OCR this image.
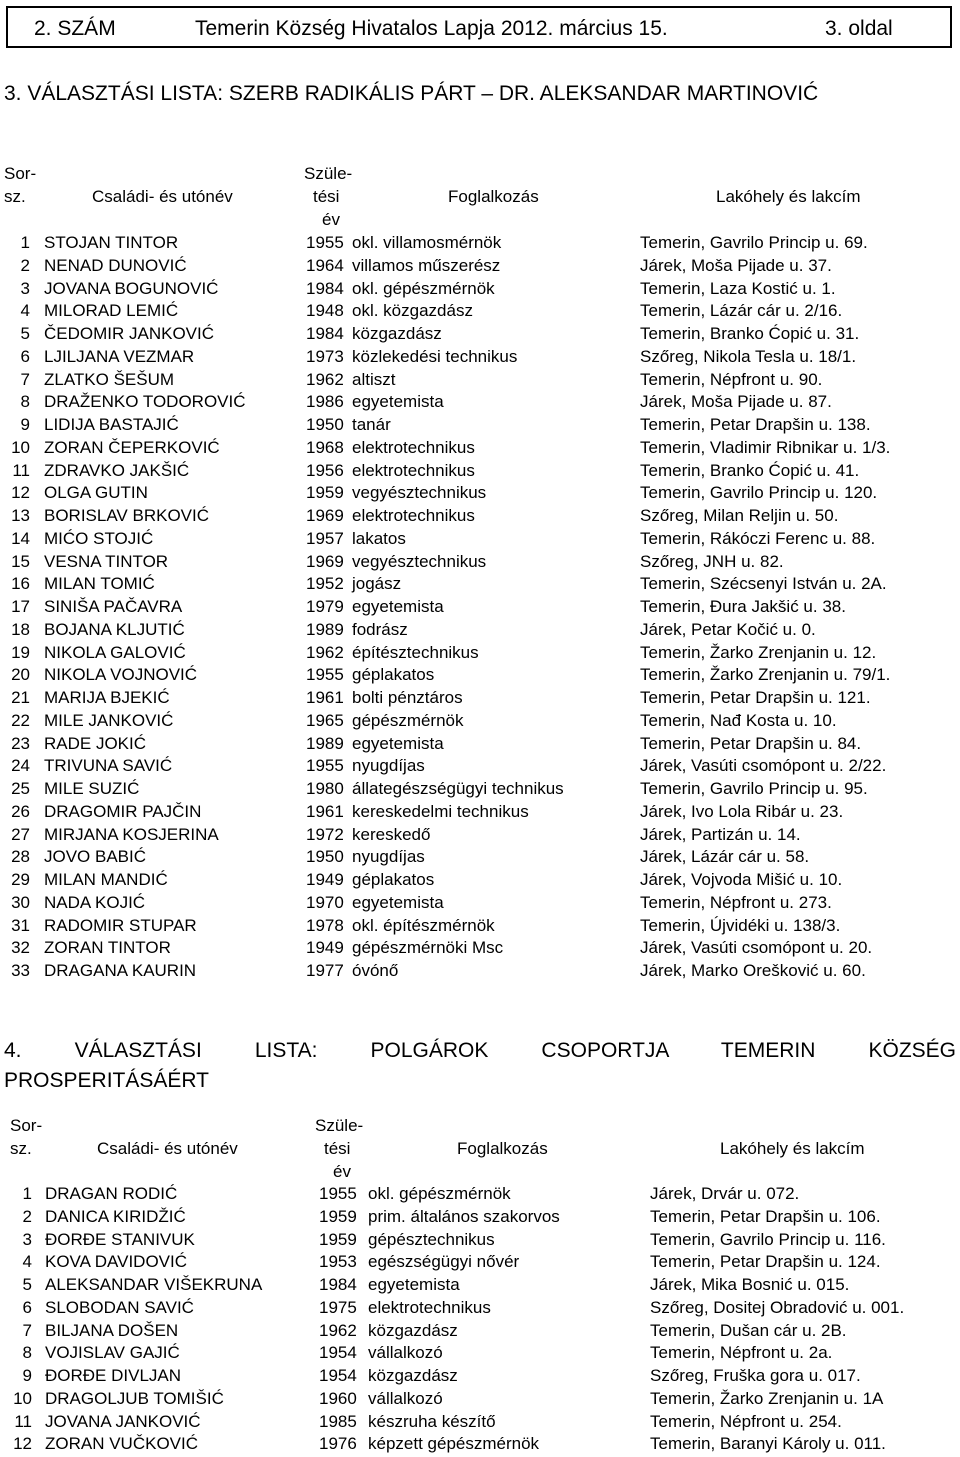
2. SZÁM	Temerin Község Hivatalos Lapja 2012. március 15.	3. oldal
3. VÁLASZTÁSI LISTA: SZERB RADIKÁLIS PÁRT – DR. ALEKSANDAR MARTINOVIĆ
Sor-
sz.	Családi- és utónév
Szüle-
tési
év
Foglalkozás	Lakóhely és lakcím
1 STOJAN TINTOR	1955 okl. villamosmérnök	Temerin, Gavrilo Princip u. 69.
2 NENAD DUNOVIĆ	1964 villamos műszerész	Járek, Moša Pijade u. 37.
3 JOVANA BOGUNOVIĆ	1984 okl. gépészmérnök	Temerin, Laza Kostić u. 1.
4 MILORAD LEMIĆ	1948 okl. közgazdász	Temerin, Lázár cár u. 2/16.
5 ČEDOMIR JANKOVIĆ	1984 közgazdász	Temerin, Branko Ćopić u. 31.
6 LJILJANA VEZMAR	1973 közlekedési technikus	Szőreg, Nikola Tesla u. 18/1.
7 ZLATKO ŠEŠUM	1962 altiszt	Temerin, Népfront u. 90.
8 DRAŽENKO TODOROVIĆ	1986 egyetemista	Járek, Moša Pijade u. 87.
9 LIDIJA BASTAJIĆ	1950 tanár	Temerin, Petar Drapšin u. 138.
10 ZORAN ČEPERKOVIĆ	1968 elektrotechnikus	Temerin, Vladimir Ribnikar u. 1/3.
11 ZDRAVKO JAKŠIĆ	1956 elektrotechnikus	Temerin, Branko Ćopić u. 41.
12 OLGA GUTIN	1959 vegyésztechnikus	Temerin, Gavrilo Princip u. 120.
13 BORISLAV BRKOVIĆ	1969 elektrotechnikus	Szőreg, Milan Reljin u. 50.
14 MIĆO STOJIĆ	1957 lakatos	Temerin, Rákóczi Ferenc u. 88.
15 VESNA TINTOR	1969 vegyésztechnikus	Szőreg, JNH u. 82.
16 MILAN TOMIĆ	1952 jogász	Temerin, Szécsenyi István u. 2A.
17 SINIŠA PAČAVRA	1979 egyetemista	Temerin, Đura Jakšić u. 38.
18 BOJANA KLJUTIĆ	1989 fodrász	Járek, Petar Kočić u. 0.
19 NIKOLA GALOVIĆ	1962 építésztechnikus	Temerin, Žarko Zrenjanin u. 12.
20 NIKOLA VOJNOVIĆ	1955 géplakatos	Temerin, Žarko Zrenjanin u. 79/1.
21 MARIJA BJEKIĆ	1961 bolti pénztáros	Temerin, Petar Drapšin u. 121.
22 MILE JANKOVIĆ	1965 gépészmérnök	Temerin, Nađ Kosta u. 10.
23 RADE JOKIĆ	1989 egyetemista	Temerin, Petar Drapšin u. 84.
24 TRIVUNA SAVIĆ	1955 nyugdíjas	Járek, Vasúti csomópont u. 2/22.
25 MILE SUZIĆ	1980 állategészségügyi technikus	Temerin, Gavrilo Princip u. 95.
26 DRAGOMIR PAJČIN	1961 kereskedelmi technikus	Járek, Ivo Lola Ribár u. 23.
27 MIRJANA KOSJERINA	1972 kereskedő	Járek, Partizán u. 14.
28 JOVO BABIĆ	1950 nyugdíjas	Járek, Lázár cár u. 58.
29 MILAN MANDIĆ	1949 géplakatos	Járek, Vojvoda Mišić u. 10.
30 NADA KOJIĆ	1970 egyetemista	Temerin, Népfront u. 273.
31 RADOMIR STUPAR	1978 okl. építészmérnök	Temerin, Újvidéki u. 138/3.
32 ZORAN TINTOR	1949 gépészmérnöki Msc	Járek, Vasúti csomópont u. 20.
33 DRAGANA KAURIN	1977 óvónő	Járek, Marko Orešković u. 60.
4. VÁLASZTÁSI LISTA: POLGÁROK CSOPORTJA TEMERIN KÖZSÉG
PROSPERITÁSÁÉRT
Sor-
sz.	Családi- és utónév
Szüle-
tési
év
Foglalkozás	Lakóhely és lakcím
1 DRAGAN RODIĆ	1955 okl. gépészmérnök	Járek, Drvár u. 072.
2 DANICA KIRIDŽIĆ	1959 prim. általános szakorvos	Temerin, Petar Drapšin u. 106.
3 ĐORĐE STANIVUK	1959 gépésztechnikus	Temerin, Gavrilo Princip u. 116.
4 KOVA DAVIDOVIĆ	1953 egészségügyi nővér	Temerin, Petar Drapšin u. 124.
5 ALEKSANDAR VIŠEKRUNA	1984 egyetemista	Járek, Mika Bosnić u. 015.
6 SLOBODAN SAVIĆ	1975 elektrotechnikus	Szőreg, Dositej Obradović u. 001.
7 BILJANA DOŠEN	1962 közgazdász	Temerin, Dušan cár u. 2B.
8 VOJISLAV GAJIĆ	1954 vállalkozó	Temerin, Népfront u. 2a.
9 ĐORĐE DIVLJAN	1954 közgazdász	Szőreg, Fruška gora u. 017.
10 DRAGOLJUB TOMIŠIĆ	1960 vállalkozó	Temerin, Žarko Zrenjanin u. 1A
11 JOVANA JANKOVIĆ	1985 készruha készítő	Temerin, Népfront u. 254.
12 ZORAN VUČKOVIĆ	1976 képzett gépészmérnök	Temerin, Baranyi Károly u. 011.
